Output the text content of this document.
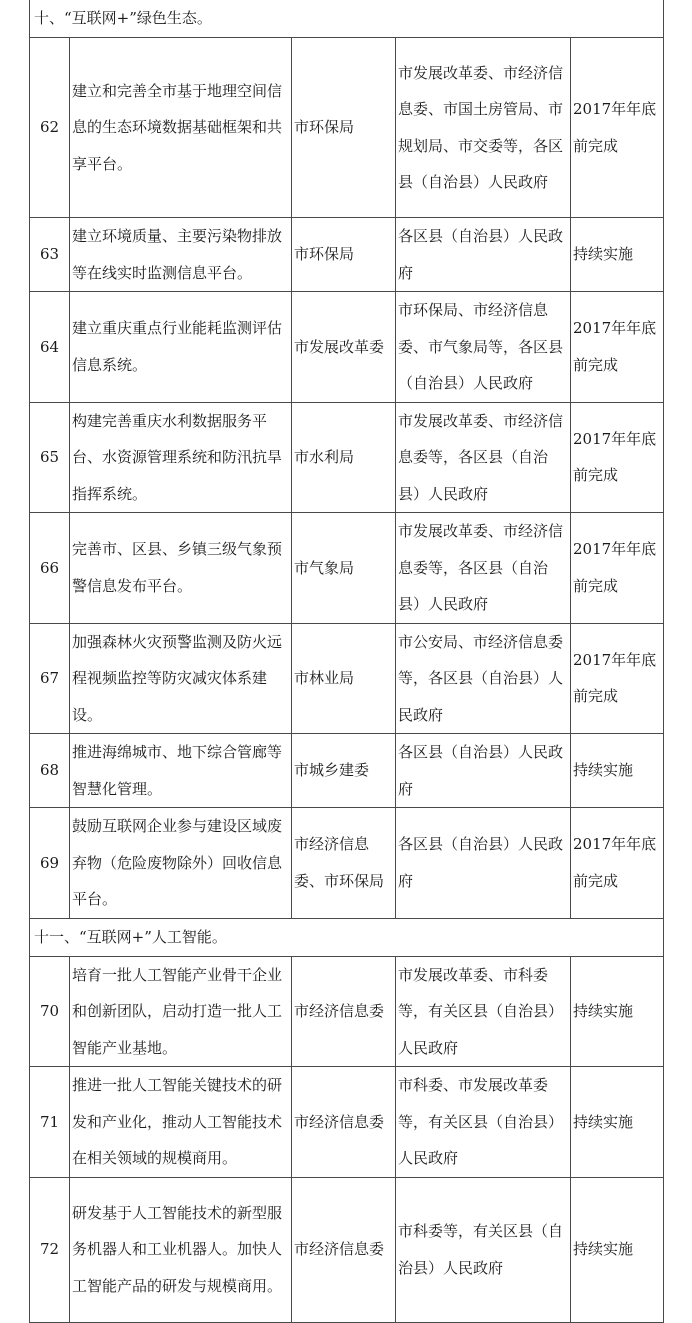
十、“互联网+”绿色生态。				
62	建立和完善全市基于地理空间信息的生态环境数据基础框架和共享平台。	市环保局	市发展改革委、市经济信息委、市国土房管局、市规划局、市交委等，各区县（自治县）人民政府	2017年年底前完成
63	建立环境质量、主要污染物排放等在线实时监测信息平台。	市环保局	各区县（自治县）人民政府	持续实施
64	建立重庆重点行业能耗监测评估信息系统。	市发展改革委	市环保局、市经济信息委、市气象局等，各区县（自治县）人民政府	2017年年底前完成
65	构建完善重庆水利数据服务平台、水资源管理系统和防汛抗旱指挥系统。	市水利局	市发展改革委、市经济信息委等，各区县（自治县）人民政府	2017年年底前完成
66	完善市、区县、乡镇三级气象预警信息发布平台。	市气象局	市发展改革委、市经济信息委等，各区县（自治县）人民政府	2017年年底前完成
67	加强森林火灾预警监测及防火远程视频监控等防灾减灾体系建设。	市林业局	市公安局、市经济信息委等，各区县（自治县）人民政府	2017年年底前完成
68	推进海绵城市、地下综合管廊等智慧化管理。	市城乡建委	各区县（自治县）人民政府	持续实施
69	鼓励互联网企业参与建设区域废弃物（危险废物除外）回收信息平台。	市经济信息委、市环保局	各区县（自治县）人民政府	2017年年底前完成
十一、“互联网+”人工智能。				
70	培育一批人工智能产业骨干企业和创新团队，启动打造一批人工智能产业基地。	市经济信息委	市发展改革委、市科委等，有关区县（自治县）人民政府	持续实施
71	推进一批人工智能关键技术的研发和产业化，推动人工智能技术在相关领域的规模商用。	市经济信息委	市科委、市发展改革委等，有关区县（自治县）人民政府	持续实施
72	研发基于人工智能技术的新型服务机器人和工业机器人。加快人工智能产品的研发与规模商用。	市经济信息委	市科委等，有关区县（自治县）人民政府	持续实施
